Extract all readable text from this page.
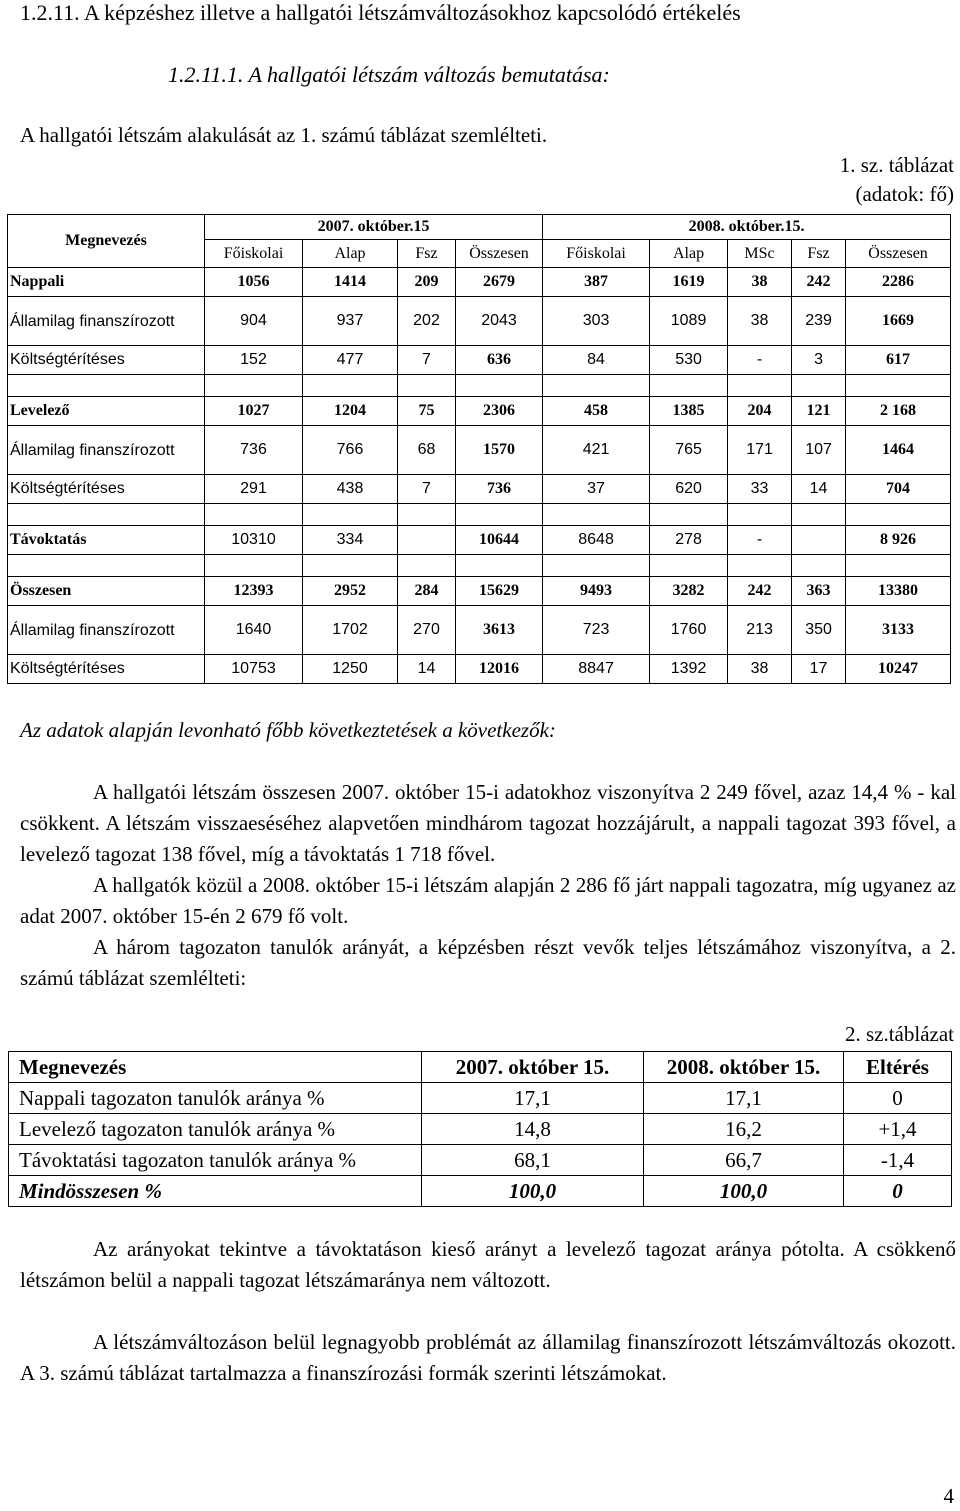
1.2.11. A képzéshez illetve a hallgatói létszámváltozásokhoz kapcsolódó értékelés
1.2.11.1. A hallgatói létszám változás bemutatása:
A hallgatói létszám alakulását az 1. számú táblázat szemlélteti.
1. sz. táblázat
(adatok: fő)
Megnevezés	2007. október.15				2008. október.15.				
	Főiskolai	Alap	Fsz	Összesen	Főiskolai	Alap	MSc	Fsz	Összesen
Nappali	1056	1414	209	2679	387	1619	38	242	2286
Államilag finanszírozott	904	937	202	2043	303	1089	38	239	1669
Költségtérítéses	152	477	7	636	84	530	-	3	617

Levelező	1027	1204	75	2306	458	1385	204	121	2 168
Államilag finanszírozott	736	766	68	1570	421	765	171	107	1464
Költségtérítéses	291	438	7	736	37	620	33	14	704

Távoktatás	10310	334		10644	8648	278	-		8 926

Összesen	12393	2952	284	15629	9493	3282	242	363	13380
Államilag finanszírozott	1640	1702	270	3613	723	1760	213	350	3133
Költségtérítéses	10753	1250	14	12016	8847	1392	38	17	10247
Az adatok alapján levonható főbb következtetések a következők:

A hallgatói létszám összesen 2007. október 15-i adatokhoz viszonyítva 2 249 fővel, azaz 14,4 % - kal csökkent. A létszám visszaeséséhez alapvetően mindhárom tagozat hozzájárult, a nappali tagozat 393 fővel, a levelező tagozat 138 fővel, míg a távoktatás 1 718 fővel.

A hallgatók közül a 2008. október 15-i létszám alapján 2 286 fő járt nappali tagozatra, míg ugyanez az adat 2007. október 15-én 2 679 fő volt.

A három tagozaton tanulók arányát, a képzésben részt vevők teljes létszámához viszonyítva, a 2. számú táblázat szemlélteti:

2. sz.táblázat
Megnevezés	2007. október 15.	2008. október 15.	Eltérés
Nappali tagozaton tanulók aránya %	17,1	17,1	0
Levelező tagozaton tanulók aránya %	14,8	16,2	+1,4
Távoktatási tagozaton tanulók aránya %	68,1	66,7	-1,4
Mindösszesen %	100,0	100,0	0

Az arányokat tekintve a távoktatáson kieső arányt a levelező tagozat aránya pótolta. A csökkenő létszámon belül a nappali tagozat létszámaránya nem változott.

A létszámváltozáson belül legnagyobb problémát az államilag finanszírozott létszámváltozás okozott. A 3. számú táblázat tartalmazza a finanszírozási formák szerinti létszámokat.

4
